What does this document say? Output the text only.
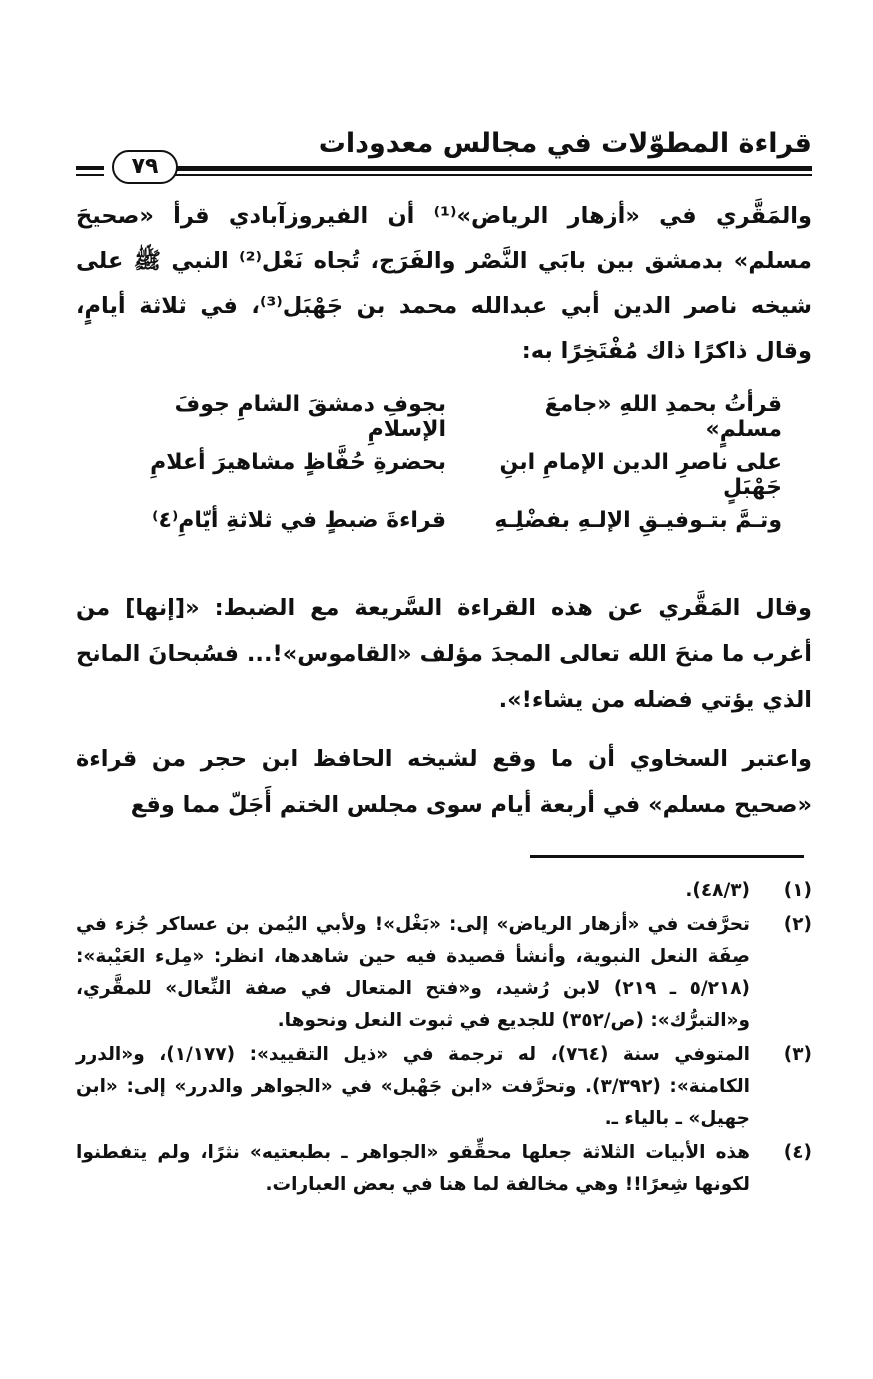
قراءة المطوّلات في مجالس معدودات
٧٩

والمَقَّري في «أزهار الرياض»⁽¹⁾ أن الفيروزآبادي قرأ «صحيحَ مسلم» بدمشق بين بابَي النَّصْر والفَرَج، تُجاه نَعْل⁽²⁾ النبي ﷺ على شيخه ناصر الدين أبي عبدالله محمد بن جَهْبَل⁽³⁾، في ثلاثة أيامٍ، وقال ذاكرًا ذاك مُفْتَخِرًا به:

قرأتُ بحمدِ اللهِ «جامعَ مسلمٍ»
بجوفِ دمشقَ الشامِ جوفَ الإسلامِ
على ناصرِ الدين الإمامِ ابنِ جَهْبَلٍ
بحضرةِ حُفَّاظٍ مشاهيرَ أعلامِ
وتـمَّ بتـوفيـقِ الإلـهِ بفضْلِـهِ
قراءةَ ضبطٍ في ثلاثةِ أيّامِ⁽٤⁾

وقال المَقَّري عن هذه القراءة السَّريعة مع الضبط: «[إنها] من أغرب ما منحَ الله تعالى المجدَ مؤلف «القاموس»!... فسُبحانَ المانح الذي يؤتي فضله من يشاء!».

واعتبر السخاوي أن ما وقع لشيخه الحافظ ابن حجر من قراءة «صحيح مسلم» في أربعة أيام سوى مجلس الختم أَجَلّ مما وقع

(١)
(٤٨/٣).
(٢)
تحرَّفت في «أزهار الرياض» إلى: «بَغْل»! ولأبي اليُمن بن عساكر جُزء في صِفَة النعل النبوية، وأنشأ قصيدة فيه حين شاهدها، انظر: «مِلء العَيْبة»: (٥/٢١٨ ـ ٢١٩) لابن رُشيد، و«فتح المتعال في صفة النِّعال» للمقَّري، و«التبرُّك»: (ص/٣٥٢) للجديع في ثبوت النعل ونحوها.
(٣)
المتوفي سنة (٧٦٤)، له ترجمة في «ذيل التقييد»: (١/١٧٧)، و«الدرر الكامنة»: (٣/٣٩٢). وتحرَّفت «ابن جَهْبل» في «الجواهر والدرر» إلى: «ابن جهيل» ـ بالياء ـ.
(٤)
هذه الأبيات الثلاثة جعلها محقِّقو «الجواهر ـ بطبعتيه» نثرًا، ولم يتفطنوا لكونها شِعرًا!! وهي مخالفة لما هنا في بعض العبارات.
